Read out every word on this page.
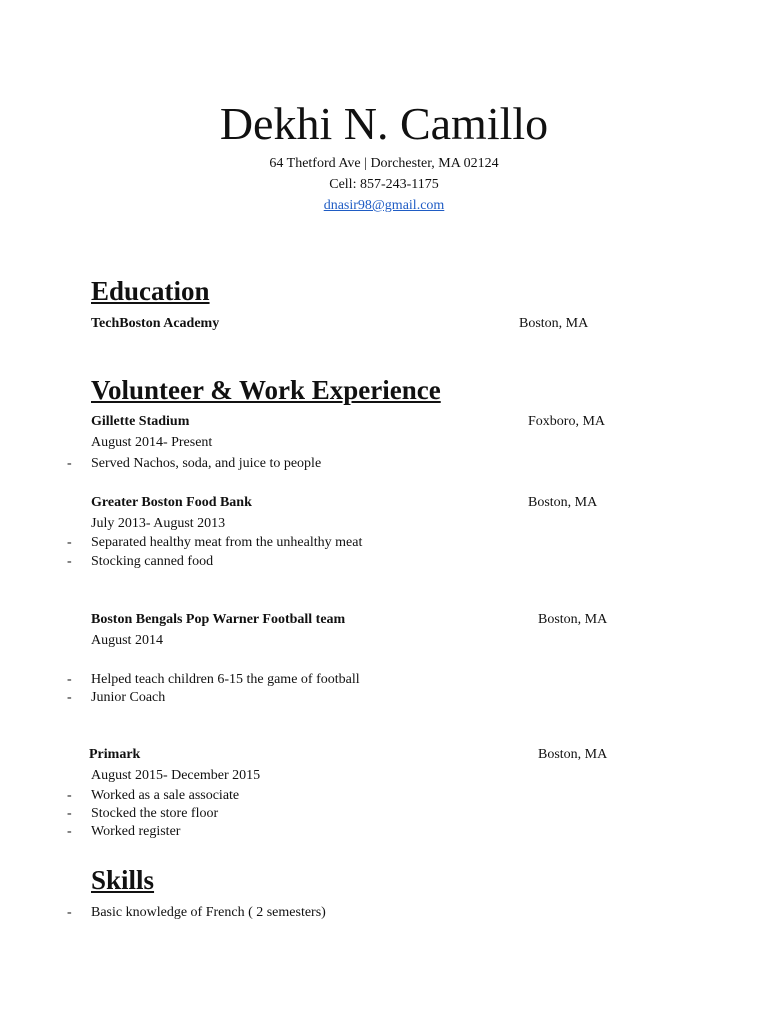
Dekhi N. Camillo
64 Thetford Ave | Dorchester, MA 02124
Cell: 857-243-1175
dnasir98@gmail.com
Education
TechBoston Academy	Boston, MA
Volunteer & Work Experience
Gillette Stadium	Foxboro, MA
August 2014- Present
- Served Nachos, soda, and juice to people
Greater Boston Food Bank	Boston, MA
July 2013- August 2013
- Separated healthy meat from the unhealthy meat
- Stocking canned food
Boston Bengals Pop Warner Football team	Boston, MA
August 2014
- Helped teach children 6-15 the game of football
- Junior Coach
Primark	Boston, MA
August 2015- December 2015
- Worked as a sale associate
- Stocked the store floor
- Worked register
Skills
- Basic knowledge of French ( 2 semesters)
